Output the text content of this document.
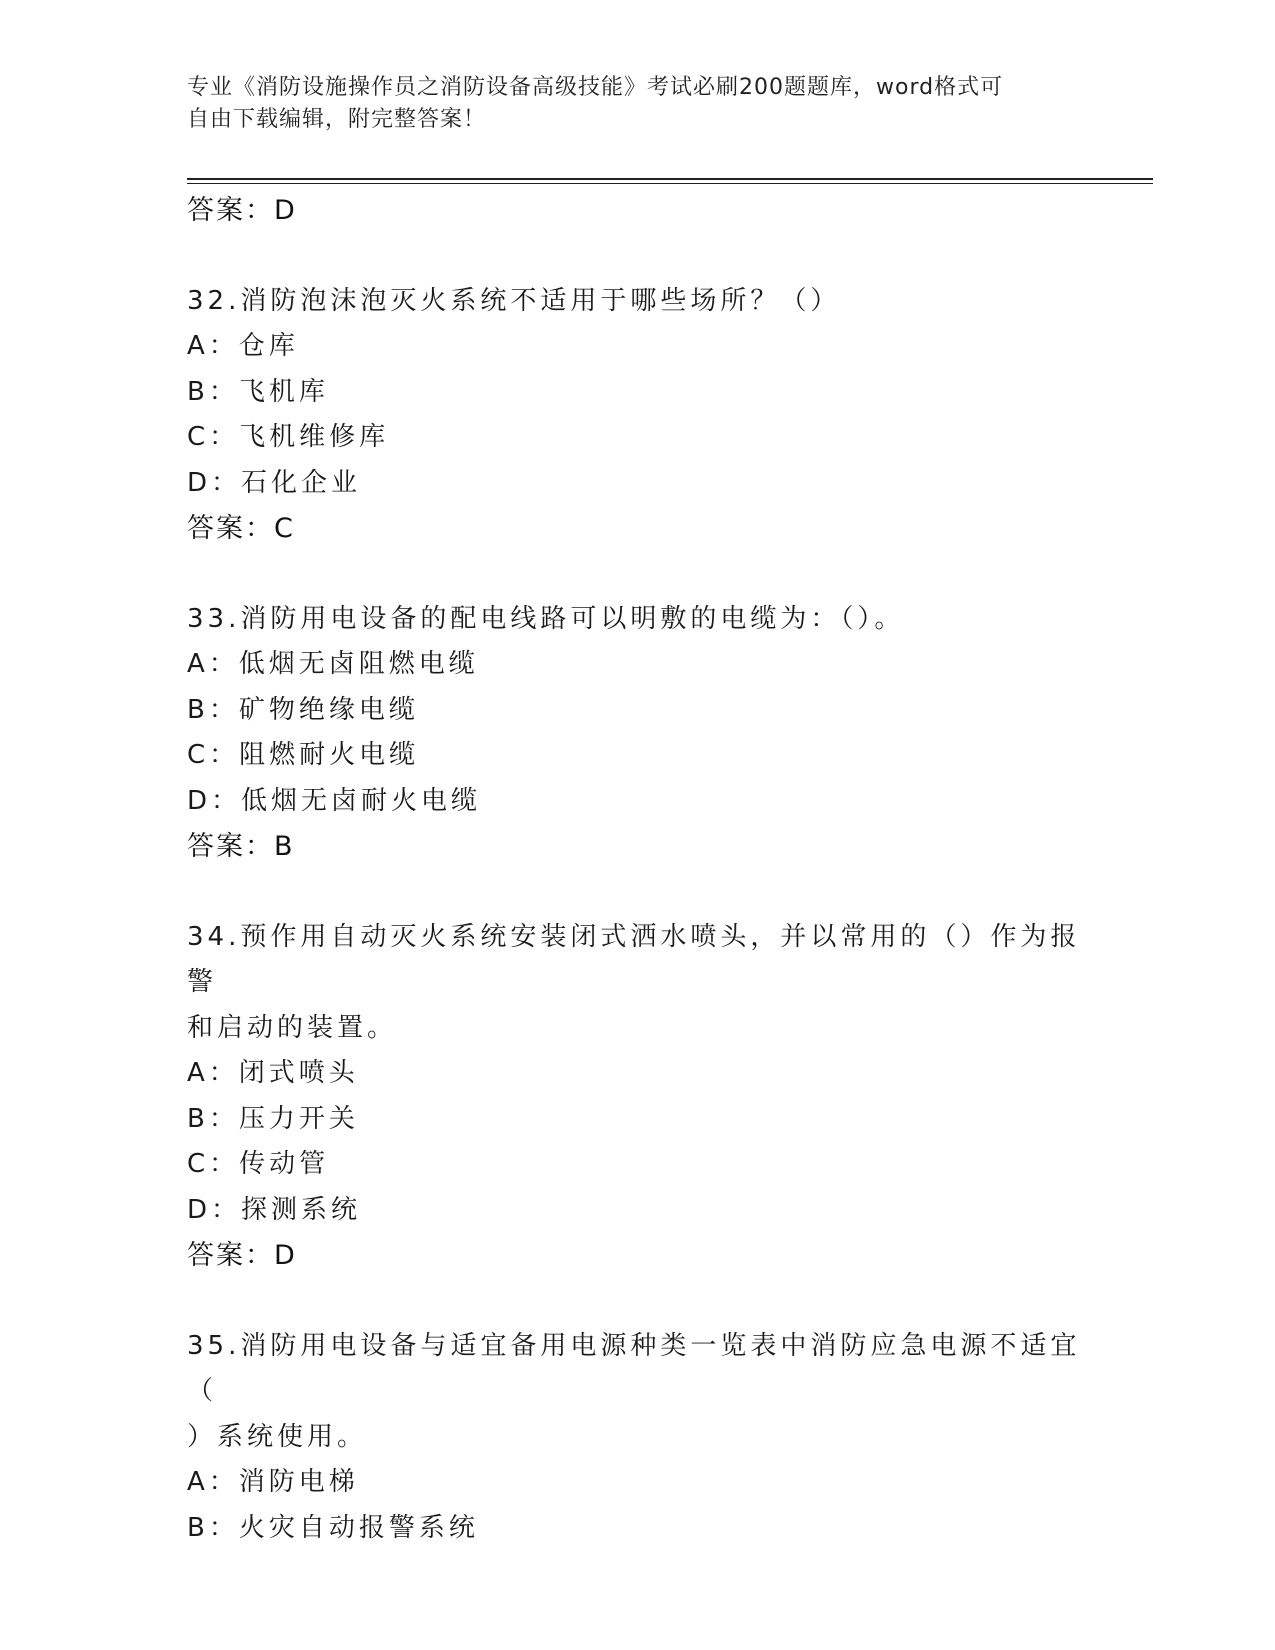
专业《消防设施操作员之消防设备高级技能》考试必刷200题题库，word格式可
自由下载编辑，附完整答案！
答案：D
32.消防泡沫泡灭火系统不适用于哪些场所？（）
A：仓库
B：飞机库
C：飞机维修库
D：石化企业
答案：C
33.消防用电设备的配电线路可以明敷的电缆为：（）。
A：低烟无卤阻燃电缆
B：矿物绝缘电缆
C：阻燃耐火电缆
D：低烟无卤耐火电缆
答案：B
34.预作用自动灭火系统安装闭式洒水喷头，并以常用的（）作为报警
和启动的装置。
A：闭式喷头
B：压力开关
C：传动管
D：探测系统
答案：D
35.消防用电设备与适宜备用电源种类一览表中消防应急电源不适宜（
）系统使用。
A：消防电梯
B：火灾自动报警系统
